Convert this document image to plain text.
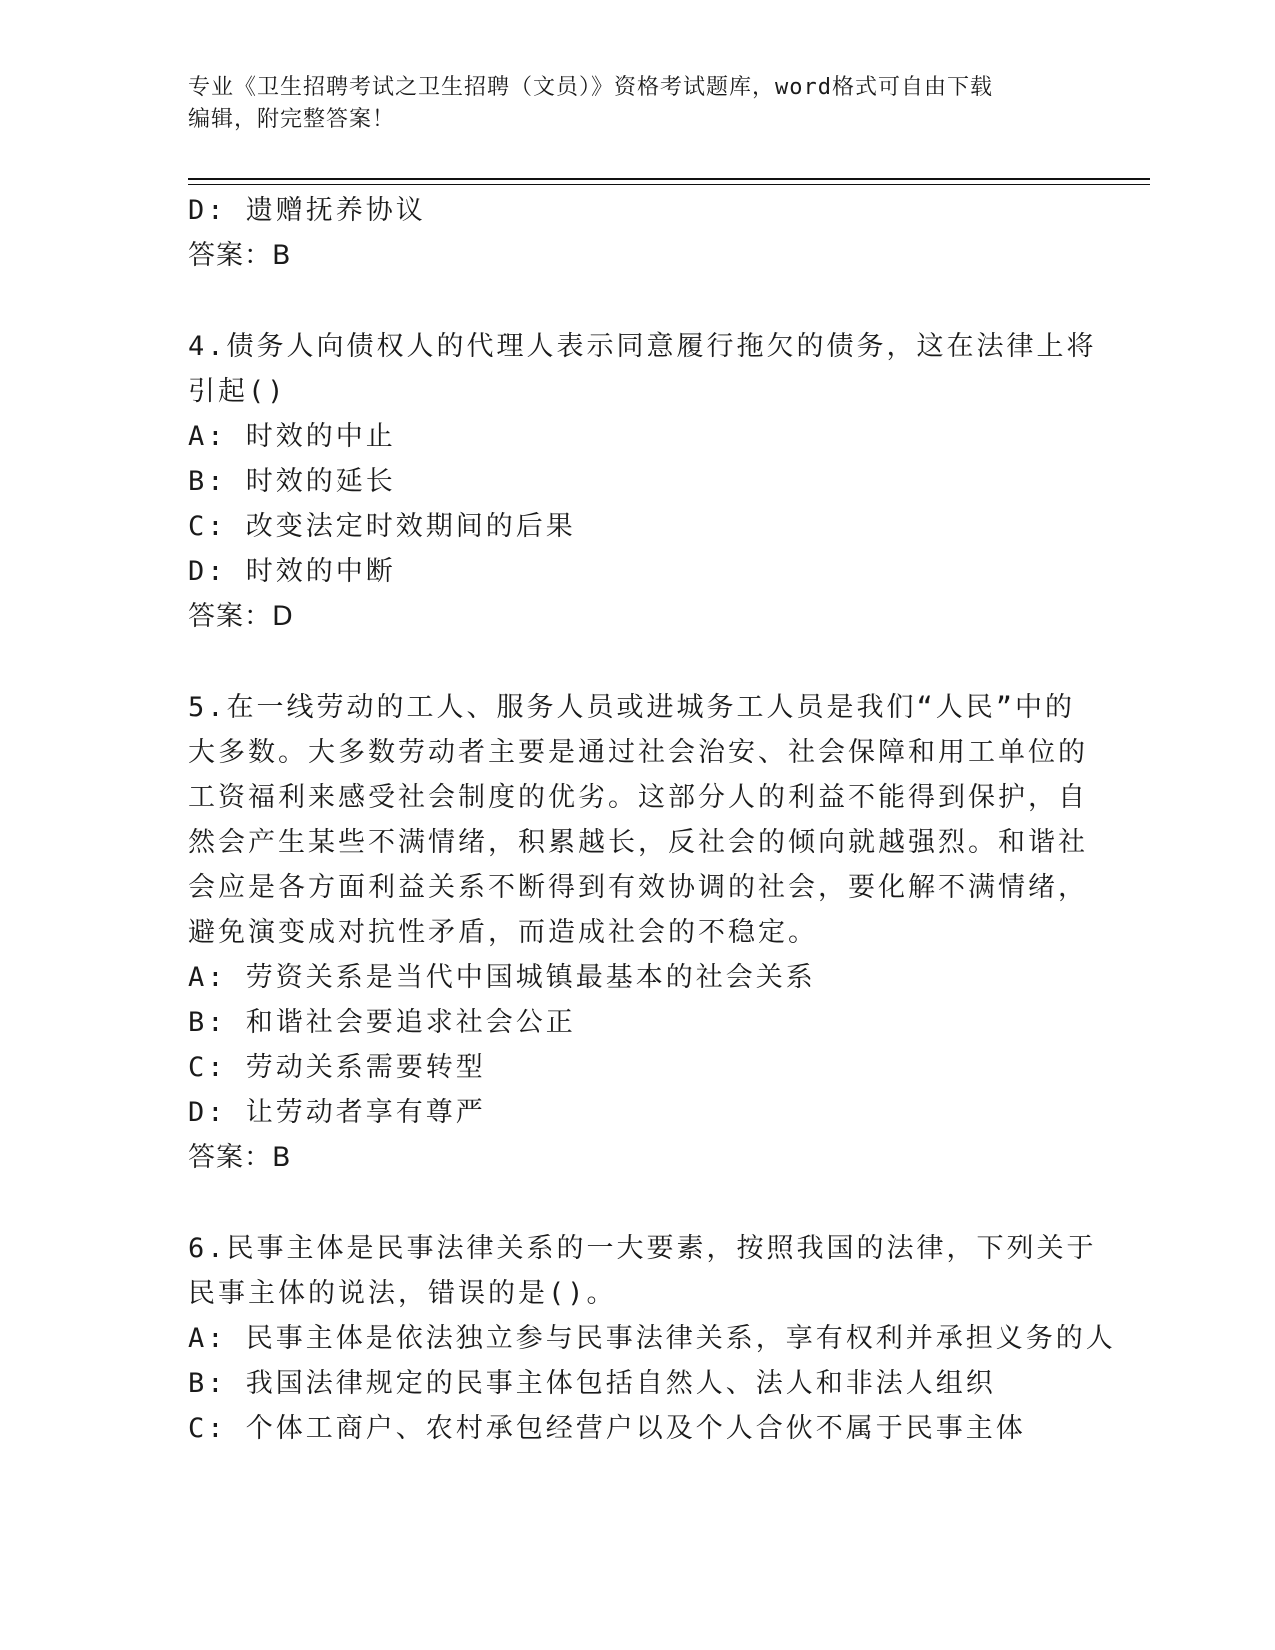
专业《卫生招聘考试之卫生招聘（文员）》资格考试题库，word格式可自由下载
编辑，附完整答案！
D: 遗赠抚养协议
答案：B
4.债务人向债权人的代理人表示同意履行拖欠的债务，这在法律上将
引起()
A: 时效的中止
B: 时效的延长
C: 改变法定时效期间的后果
D: 时效的中断
答案：D
5.在一线劳动的工人、服务人员或进城务工人员是我们“人民”中的
大多数。大多数劳动者主要是通过社会治安、社会保障和用工单位的
工资福利来感受社会制度的优劣。这部分人的利益不能得到保护，自
然会产生某些不满情绪，积累越长，反社会的倾向就越强烈。和谐社
会应是各方面利益关系不断得到有效协调的社会，要化解不满情绪，
避免演变成对抗性矛盾，而造成社会的不稳定。
A: 劳资关系是当代中国城镇最基本的社会关系
B: 和谐社会要追求社会公正
C: 劳动关系需要转型
D: 让劳动者享有尊严
答案：B
6.民事主体是民事法律关系的一大要素，按照我国的法律，下列关于
民事主体的说法，错误的是()。
A: 民事主体是依法独立参与民事法律关系，享有权利并承担义务的人
B: 我国法律规定的民事主体包括自然人、法人和非法人组织
C: 个体工商户、农村承包经营户以及个人合伙不属于民事主体
